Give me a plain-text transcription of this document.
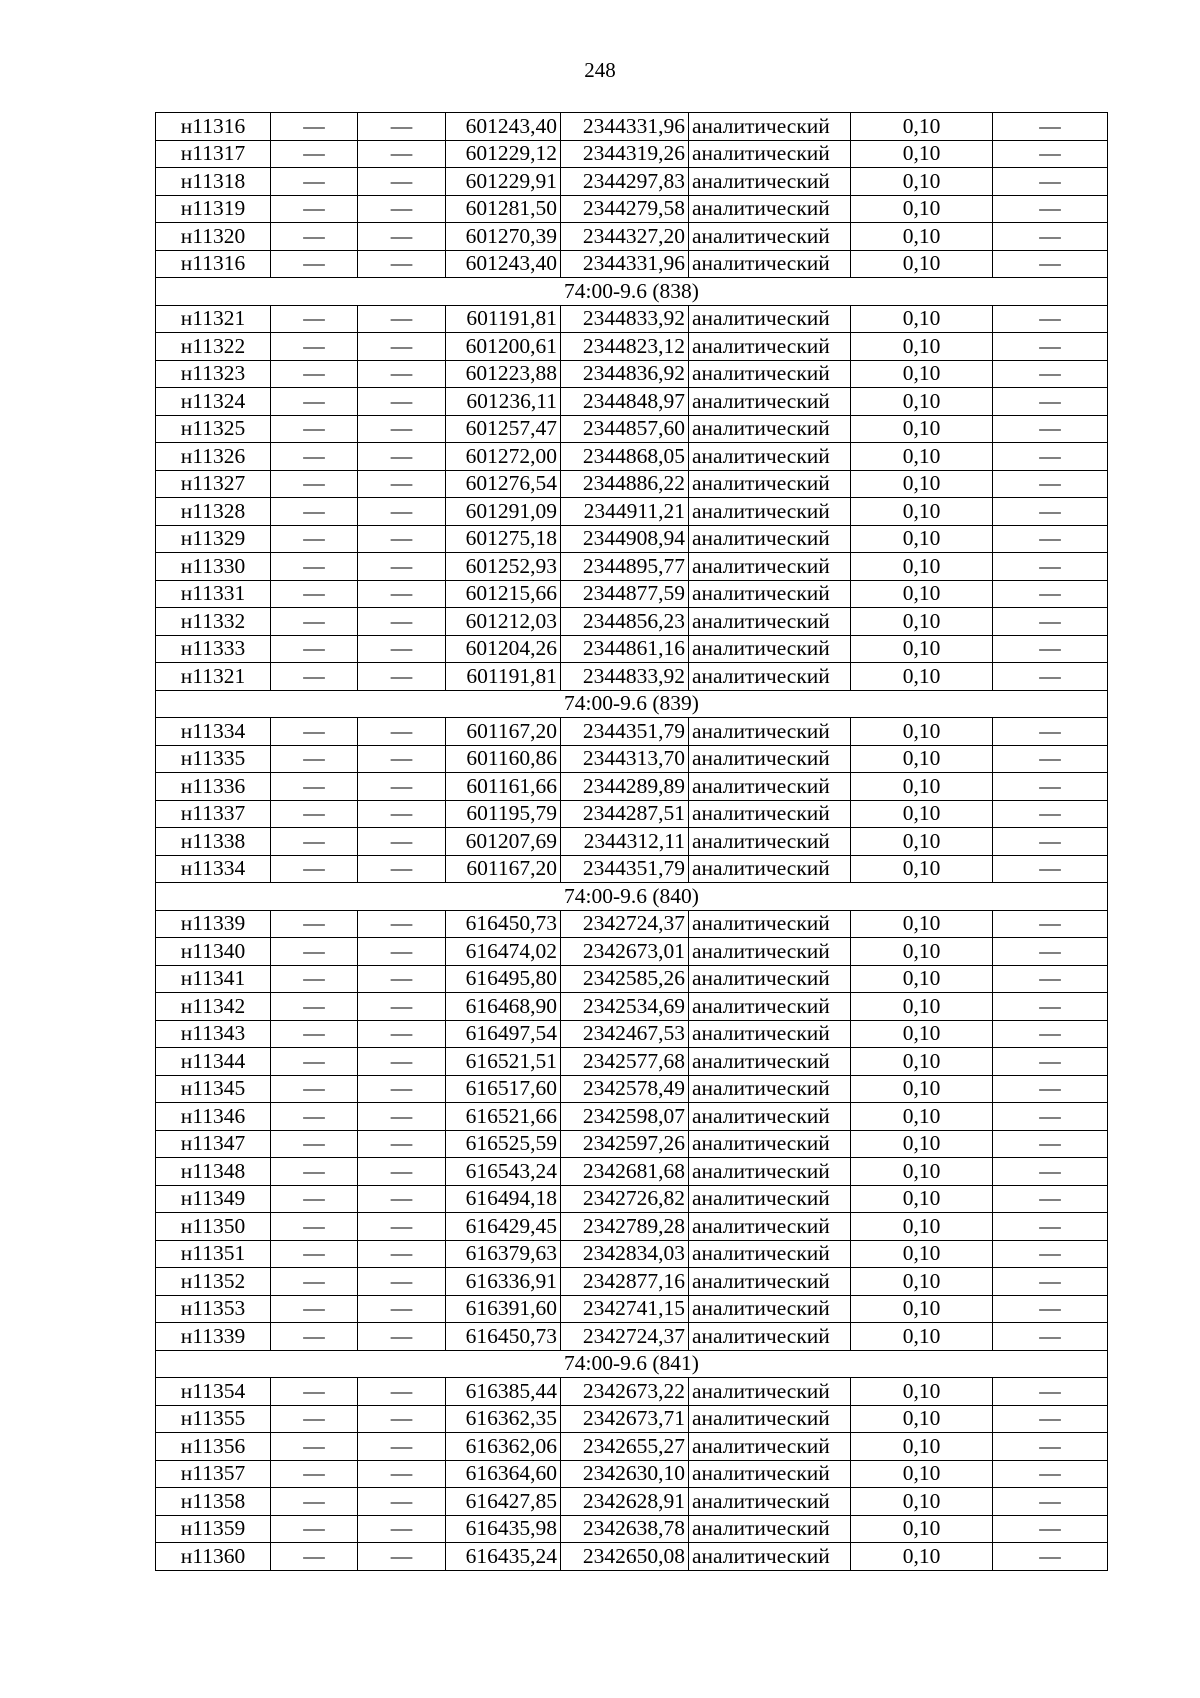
248
н11316	—	—	601243,40	2344331,96	аналитический	0,10	—
н11317	—	—	601229,12	2344319,26	аналитический	0,10	—
н11318	—	—	601229,91	2344297,83	аналитический	0,10	—
н11319	—	—	601281,50	2344279,58	аналитический	0,10	—
н11320	—	—	601270,39	2344327,20	аналитический	0,10	—
н11316	—	—	601243,40	2344331,96	аналитический	0,10	—
74:00-9.6 (838)							
н11321	—	—	601191,81	2344833,92	аналитический	0,10	—
н11322	—	—	601200,61	2344823,12	аналитический	0,10	—
н11323	—	—	601223,88	2344836,92	аналитический	0,10	—
н11324	—	—	601236,11	2344848,97	аналитический	0,10	—
н11325	—	—	601257,47	2344857,60	аналитический	0,10	—
н11326	—	—	601272,00	2344868,05	аналитический	0,10	—
н11327	—	—	601276,54	2344886,22	аналитический	0,10	—
н11328	—	—	601291,09	2344911,21	аналитический	0,10	—
н11329	—	—	601275,18	2344908,94	аналитический	0,10	—
н11330	—	—	601252,93	2344895,77	аналитический	0,10	—
н11331	—	—	601215,66	2344877,59	аналитический	0,10	—
н11332	—	—	601212,03	2344856,23	аналитический	0,10	—
н11333	—	—	601204,26	2344861,16	аналитический	0,10	—
н11321	—	—	601191,81	2344833,92	аналитический	0,10	—
74:00-9.6 (839)							
н11334	—	—	601167,20	2344351,79	аналитический	0,10	—
н11335	—	—	601160,86	2344313,70	аналитический	0,10	—
н11336	—	—	601161,66	2344289,89	аналитический	0,10	—
н11337	—	—	601195,79	2344287,51	аналитический	0,10	—
н11338	—	—	601207,69	2344312,11	аналитический	0,10	—
н11334	—	—	601167,20	2344351,79	аналитический	0,10	—
74:00-9.6 (840)							
н11339	—	—	616450,73	2342724,37	аналитический	0,10	—
н11340	—	—	616474,02	2342673,01	аналитический	0,10	—
н11341	—	—	616495,80	2342585,26	аналитический	0,10	—
н11342	—	—	616468,90	2342534,69	аналитический	0,10	—
н11343	—	—	616497,54	2342467,53	аналитический	0,10	—
н11344	—	—	616521,51	2342577,68	аналитический	0,10	—
н11345	—	—	616517,60	2342578,49	аналитический	0,10	—
н11346	—	—	616521,66	2342598,07	аналитический	0,10	—
н11347	—	—	616525,59	2342597,26	аналитический	0,10	—
н11348	—	—	616543,24	2342681,68	аналитический	0,10	—
н11349	—	—	616494,18	2342726,82	аналитический	0,10	—
н11350	—	—	616429,45	2342789,28	аналитический	0,10	—
н11351	—	—	616379,63	2342834,03	аналитический	0,10	—
н11352	—	—	616336,91	2342877,16	аналитический	0,10	—
н11353	—	—	616391,60	2342741,15	аналитический	0,10	—
н11339	—	—	616450,73	2342724,37	аналитический	0,10	—
74:00-9.6 (841)							
н11354	—	—	616385,44	2342673,22	аналитический	0,10	—
н11355	—	—	616362,35	2342673,71	аналитический	0,10	—
н11356	—	—	616362,06	2342655,27	аналитический	0,10	—
н11357	—	—	616364,60	2342630,10	аналитический	0,10	—
н11358	—	—	616427,85	2342628,91	аналитический	0,10	—
н11359	—	—	616435,98	2342638,78	аналитический	0,10	—
н11360	—	—	616435,24	2342650,08	аналитический	0,10	—
